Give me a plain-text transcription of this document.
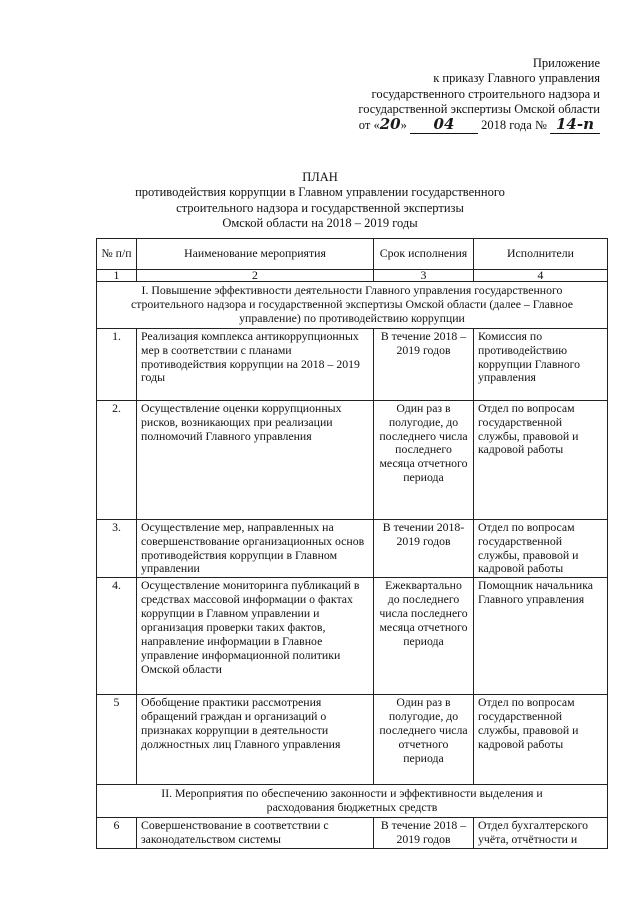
Приложение
к приказу Главного управления
государственного строительного надзора и
государственной экспертизы Омской области
от «20» 04 2018 года № 14-п
ПЛАН
противодействия коррупции в Главном управлении государственного
строительного надзора и государственной экспертизы
Омской области на 2018 – 2019 годы
№ п/п	Наименование мероприятия	Срок исполнения	Исполнители
1	2	3	4
I. Повышение эффективности деятельности Главного управления государственного строительного надзора и государственной экспертизы Омской области (далее – Главное управление) по противодействию коррупции			
1.	Реализация комплекса антикоррупционных мер в соответствии с планами противодействия коррупции на 2018 – 2019 годы	В течение 2018 – 2019 годов	Комиссия по противодействию коррупции Главного управления
2.	Осуществление оценки коррупционных рисков, возникающих при реализации полномочий Главного управления	Один раз в полугодие, до последнего числа последнего месяца отчетного периода	Отдел по вопросам государственной службы, правовой и кадровой работы
3.	Осуществление мер, направленных на совершенствование организационных основ противодействия коррупции в Главном управлении	В течении 2018-2019 годов	Отдел по вопросам государственной службы, правовой и кадровой работы
4.	Осуществление мониторинга публикаций в средствах массовой информации о фактах коррупции в Главном управлении и организация проверки таких фактов, направление информации в Главное управление информационной политики Омской области	Ежеквартально до последнего числа последнего месяца отчетного периода	Помощник начальника Главного управления
5	Обобщение практики рассмотрения обращений граждан и организаций о признаках коррупции в деятельности должностных лиц Главного управления	Один раз в полугодие, до последнего числа отчетного периода	Отдел по вопросам государственной службы, правовой и кадровой работы
II. Мероприятия по обеспечению законности и эффективности выделения и расходования бюджетных средств			
6	Совершенствование в соответствии с законодательством системы	В течение 2018 – 2019 годов	Отдел бухгалтерского учёта, отчётности и
